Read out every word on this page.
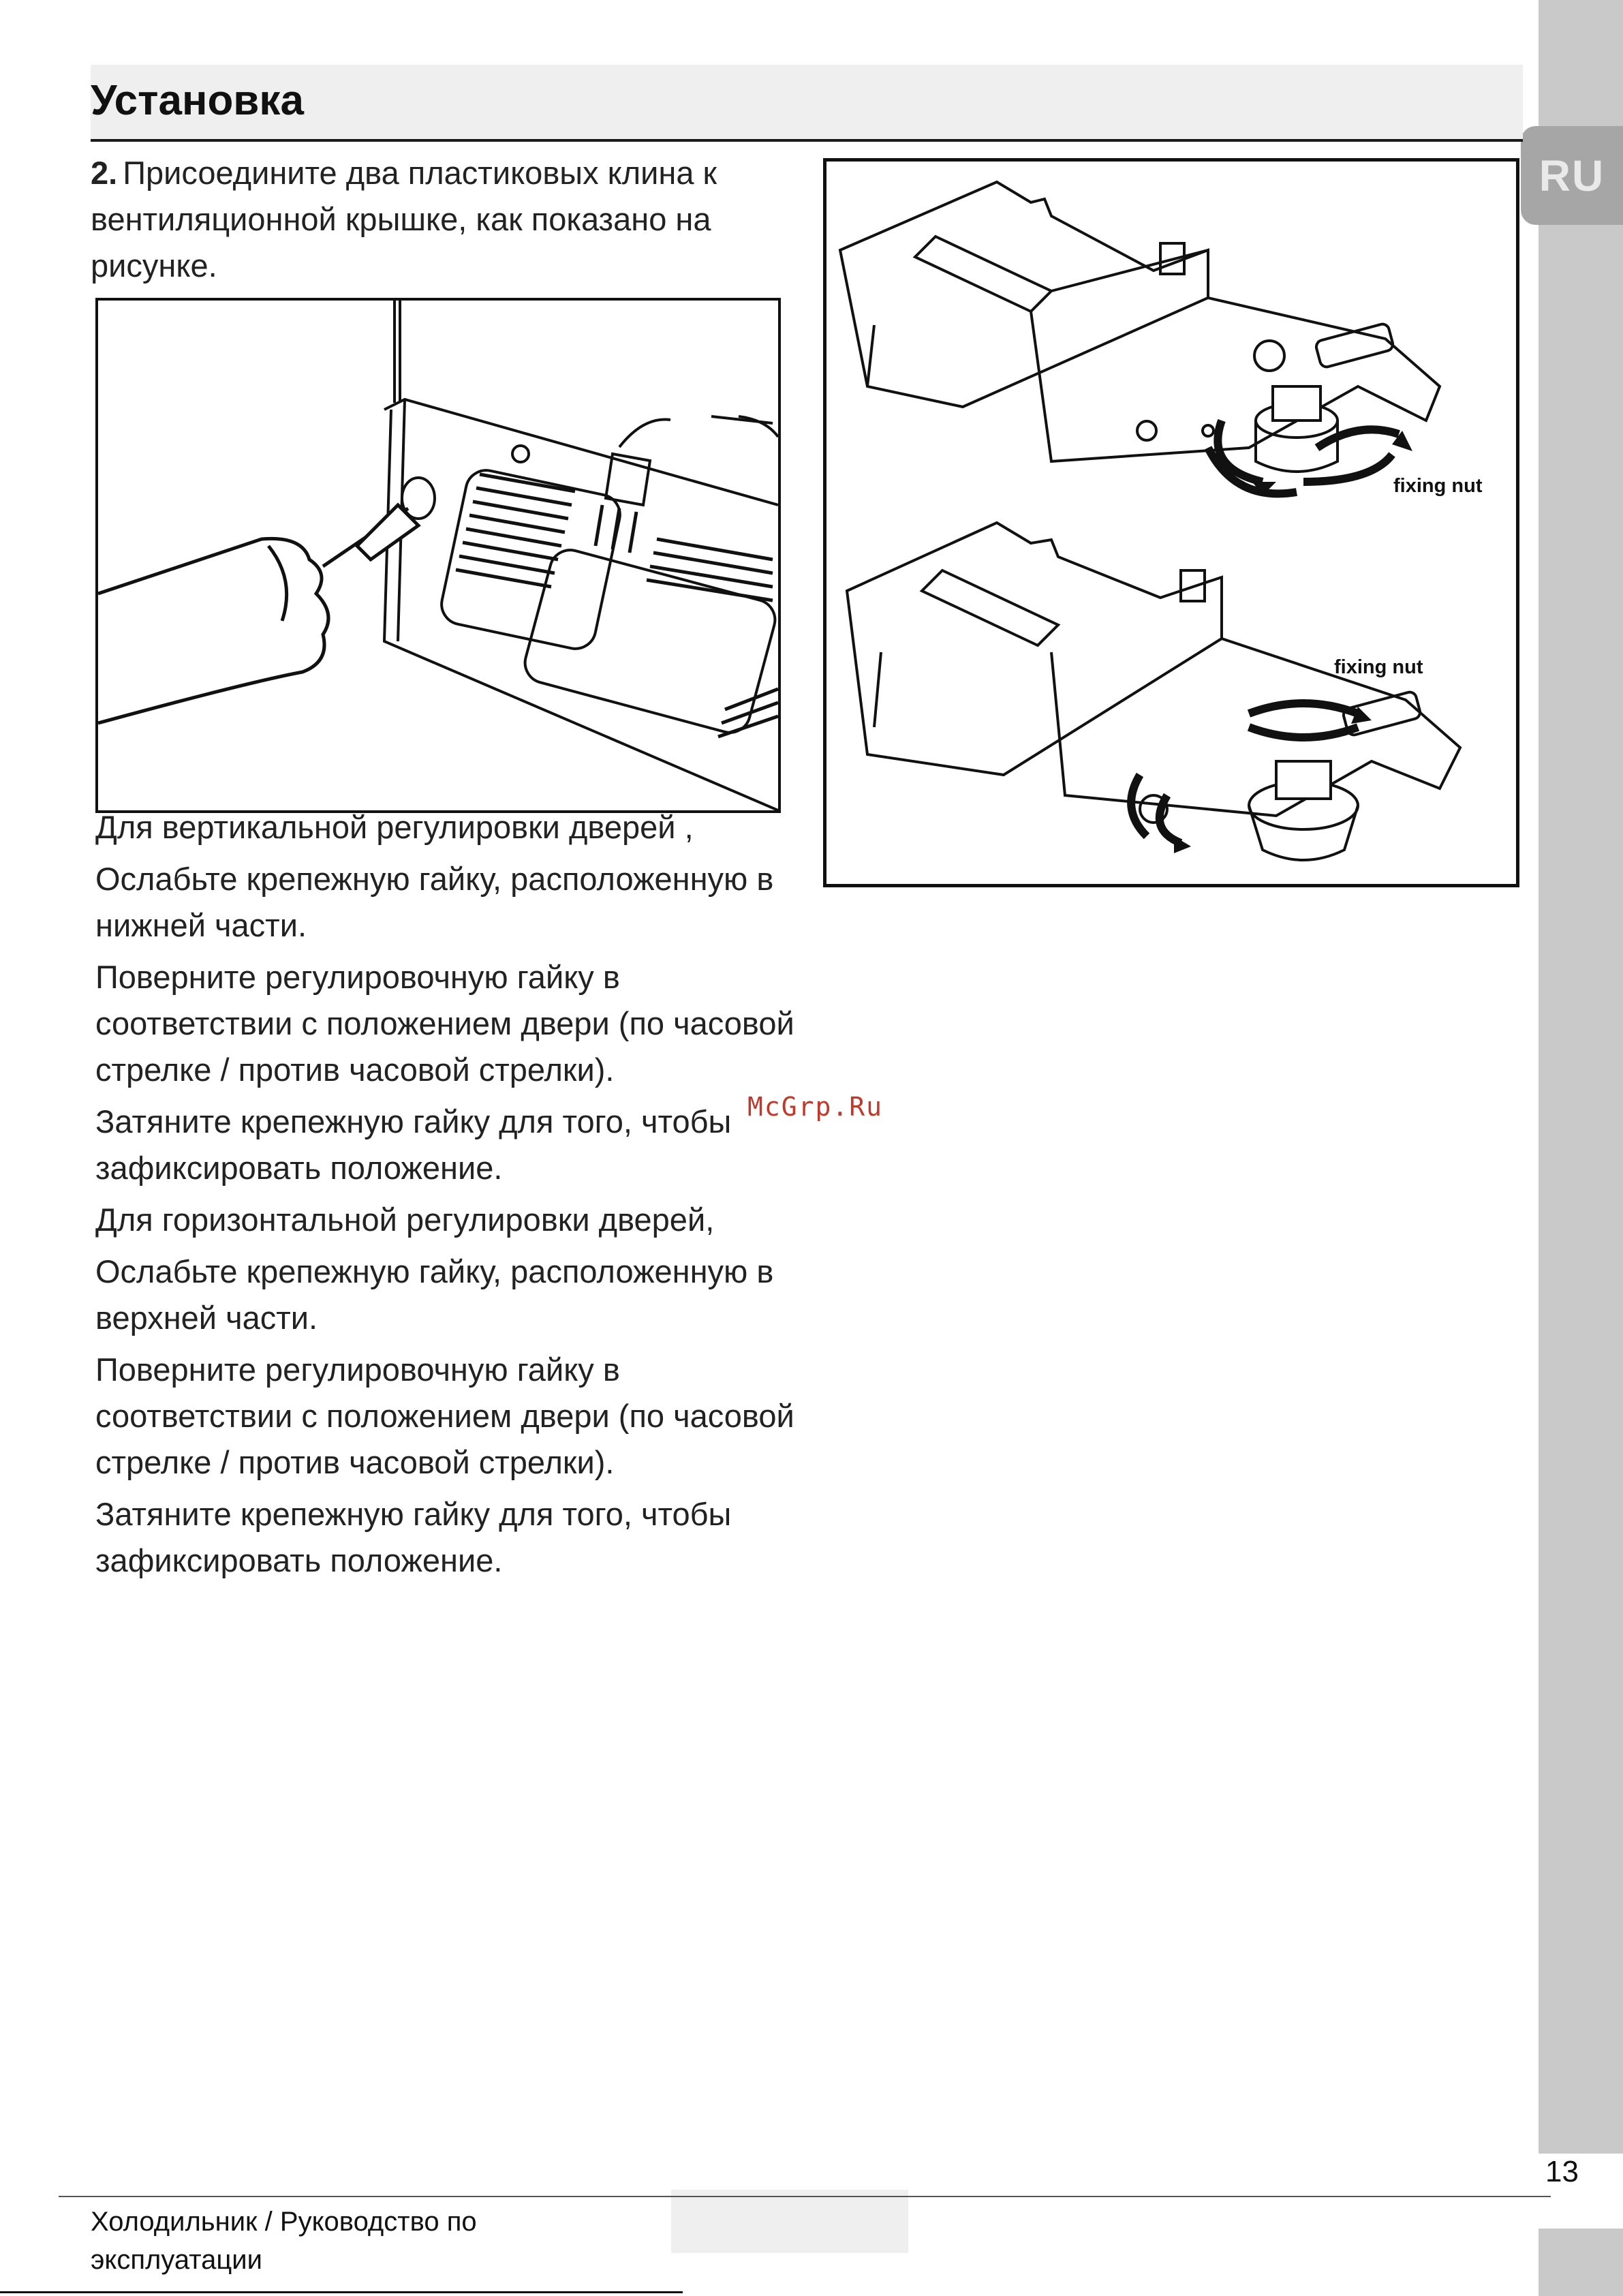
RU
Установка
2. Присоедините два пластиковых клина к вентиляционной крышке, как показано на рисунке.
fixing nut
fixing nut
Для вертикальной регулировки дверей ,
Ослабьте крепежную гайку, расположенную в нижней части.
Поверните регулировочную гайку в соответствии с положением двери (по часовой стрелке / против часовой стрелки).
Затяните крепежную гайку для того, чтобы зафиксировать положение.
Для горизонтальной регулировки дверей,
Ослабьте крепежную гайку, расположенную в верхней части.
Поверните регулировочную гайку в соответствии с положением двери (по часовой стрелке / против часовой стрелки).
Затяните крепежную гайку для того, чтобы зафиксировать положение.
McGrp.Ru
13
Холодильник / Руководство по эксплуатации
